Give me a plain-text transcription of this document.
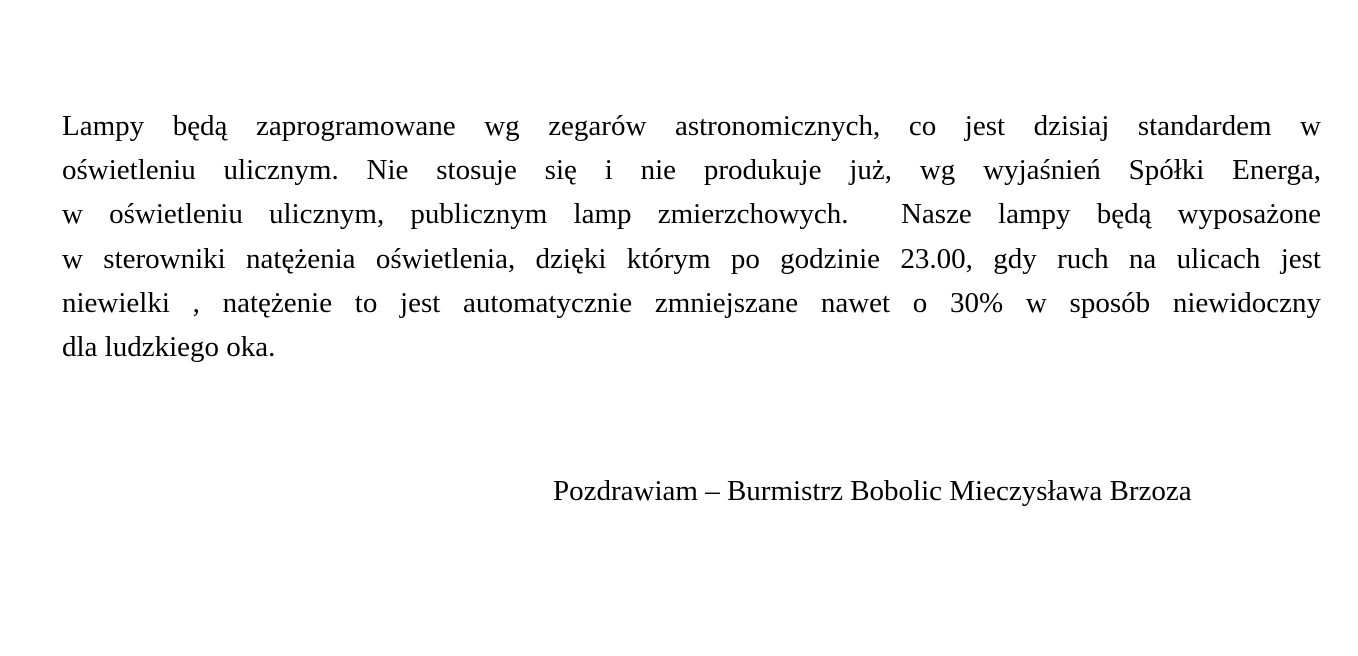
Lampy będą zaprogramowane wg zegarów astronomicznych, co jest dzisiaj standardem w
oświetleniu ulicznym. Nie stosuje się i nie produkuje już, wg wyjaśnień Spółki Energa,
w oświetleniu ulicznym, publicznym lamp zmierzchowych.  Nasze lampy będą wyposażone
w sterowniki natężenia oświetlenia, dzięki którym po godzinie 23.00, gdy ruch na ulicach jest
niewielki , natężenie to jest automatycznie zmniejszane nawet o 30% w sposób niewidoczny
dla ludzkiego oka.

Pozdrawiam – Burmistrz Bobolic Mieczysława Brzoza
